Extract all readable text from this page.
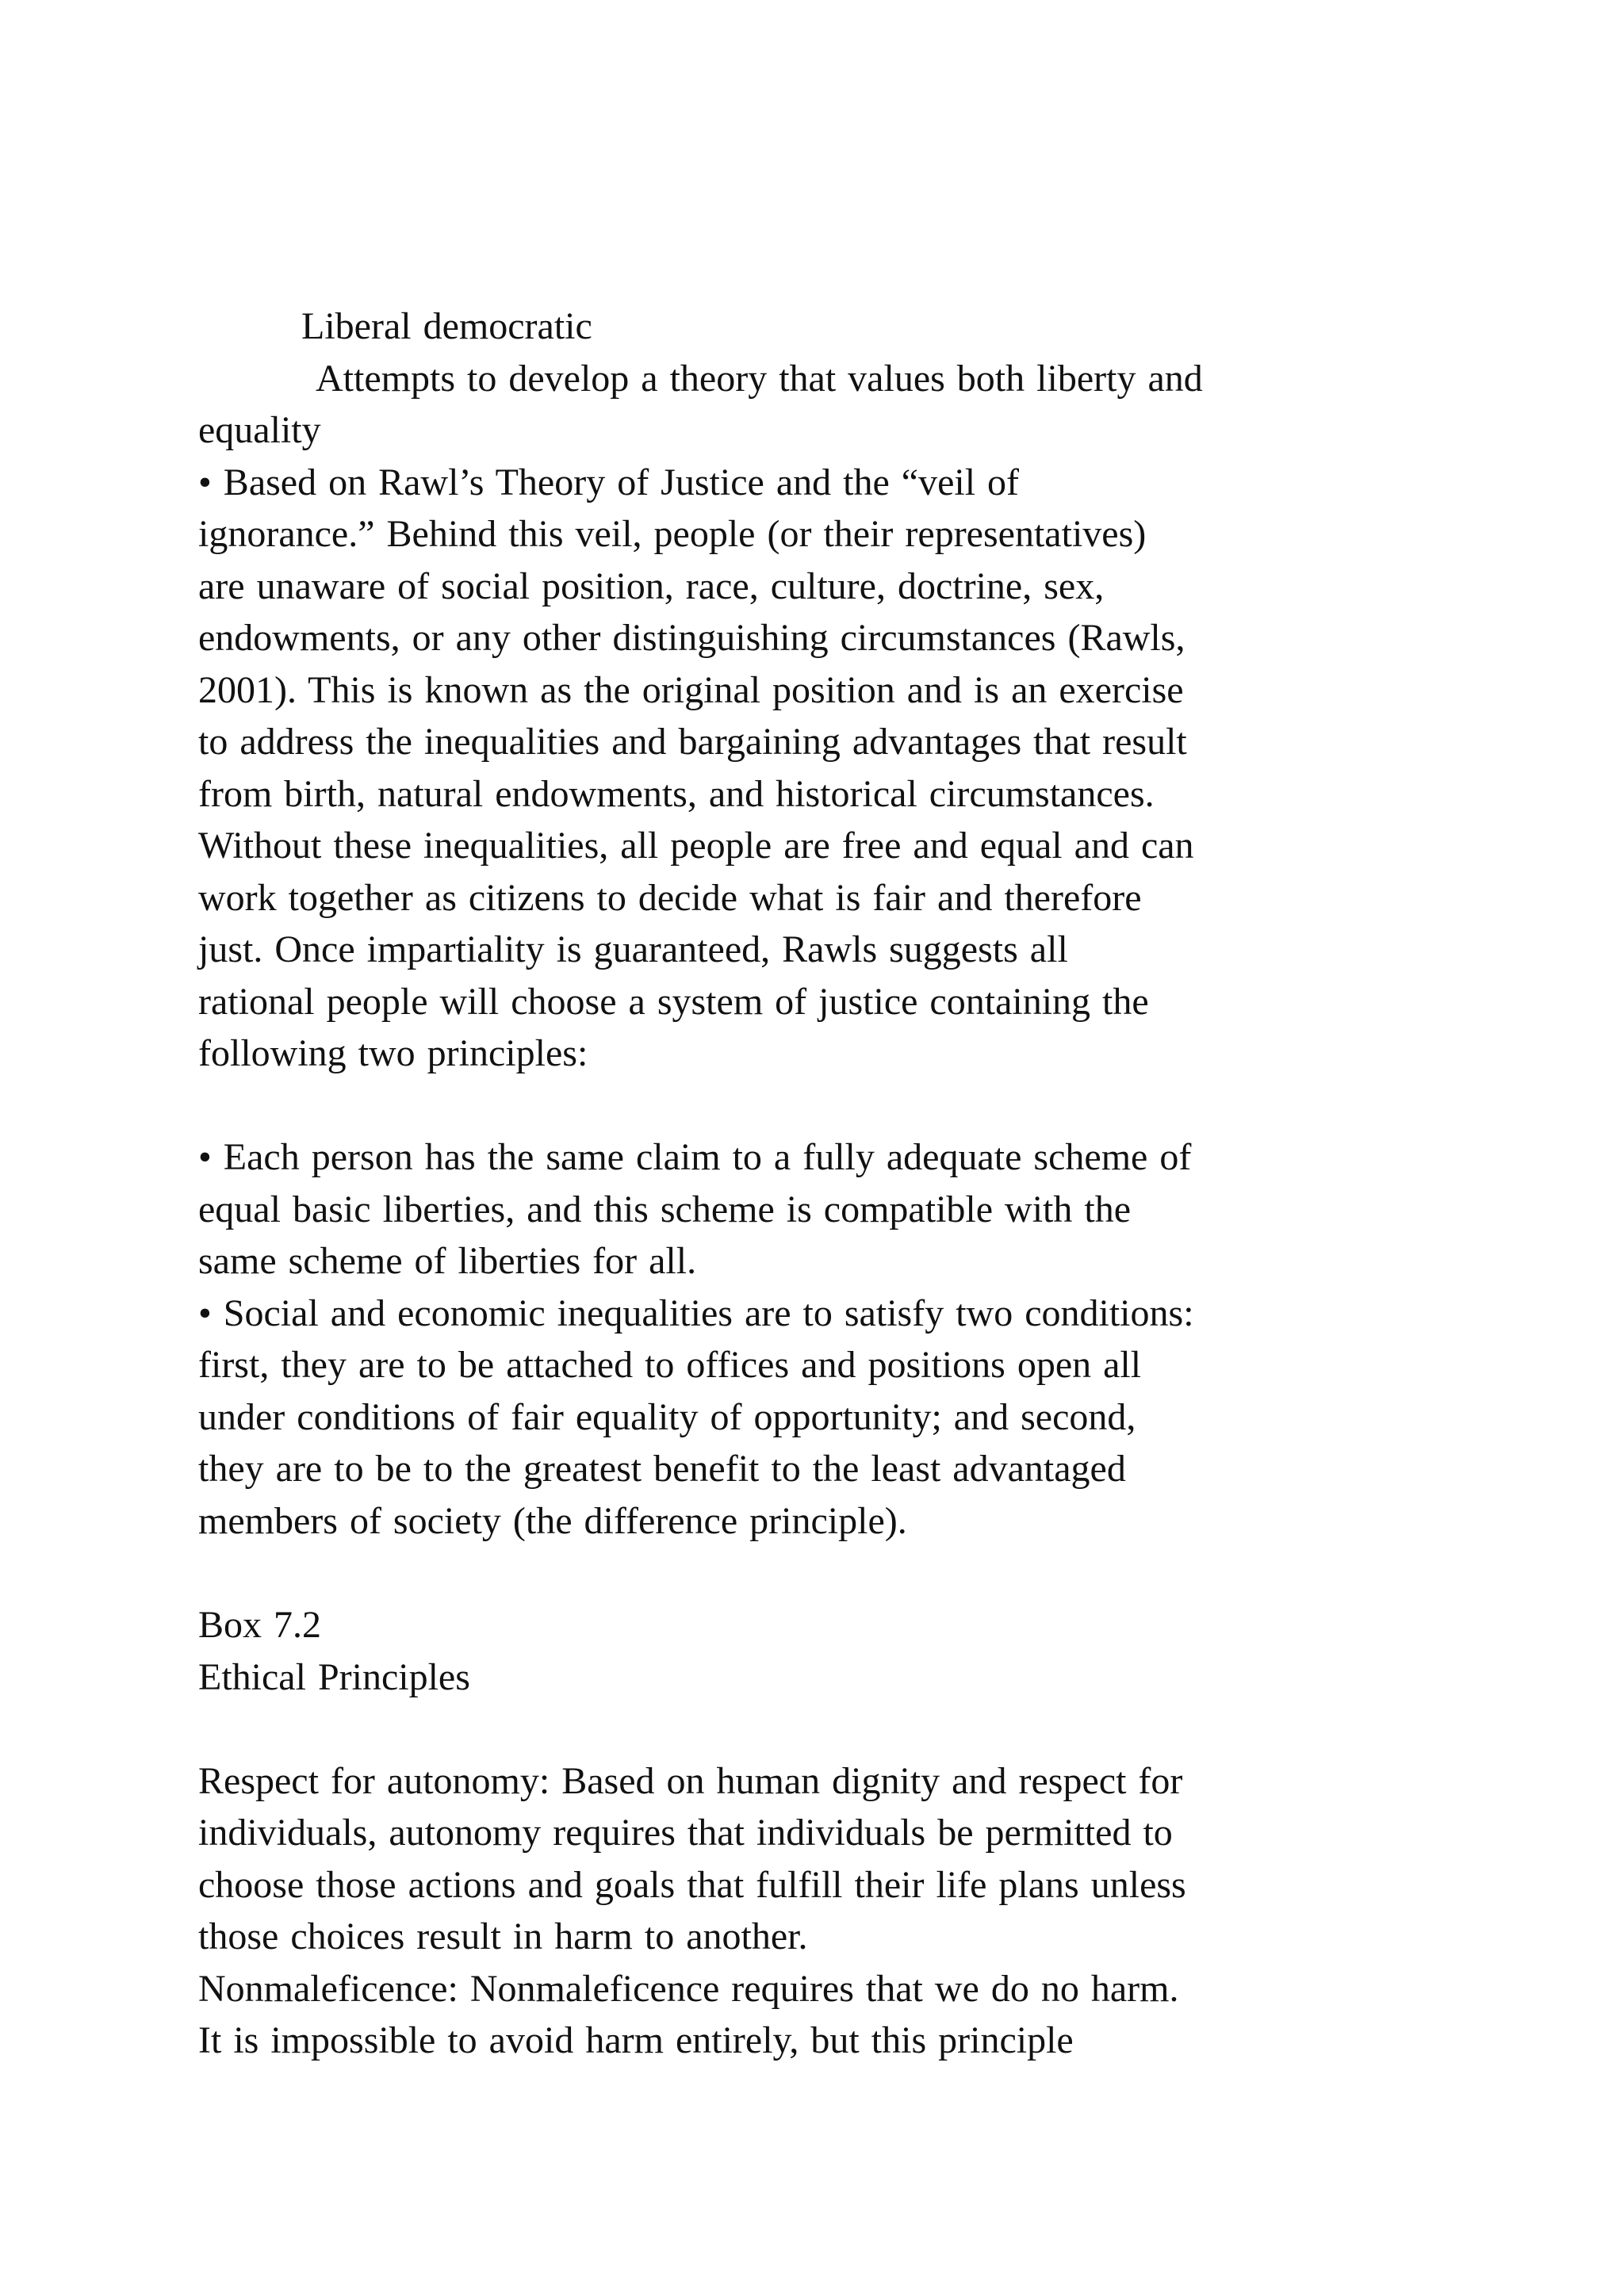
Liberal democratic
Attempts to develop a theory that values both liberty and
equality
• Based on Rawl’s Theory of Justice and the “veil of
ignorance.” Behind this veil, people (or their representatives)
are unaware of social position, race, culture, doctrine, sex,
endowments, or any other distinguishing circumstances (Rawls,
2001). This is known as the original position and is an exercise
to address the inequalities and bargaining advantages that result
from birth, natural endowments, and historical circumstances.
Without these inequalities, all people are free and equal and can
work together as citizens to decide what is fair and therefore
just. Once impartiality is guaranteed, Rawls suggests all
rational people will choose a system of justice containing the
following two principles:
• Each person has the same claim to a fully adequate scheme of
equal basic liberties, and this scheme is compatible with the
same scheme of liberties for all.
• Social and economic inequalities are to satisfy two conditions:
first, they are to be attached to offices and positions open all
under conditions of fair equality of opportunity; and second,
they are to be to the greatest benefit to the least advantaged
members of society (the difference principle).
Box 7.2
Ethical Principles
Respect for autonomy: Based on human dignity and respect for
individuals, autonomy requires that individuals be permitted to
choose those actions and goals that fulfill their life plans unless
those choices result in harm to another.
Nonmaleficence: Nonmaleficence requires that we do no harm.
It is impossible to avoid harm entirely, but this principle
